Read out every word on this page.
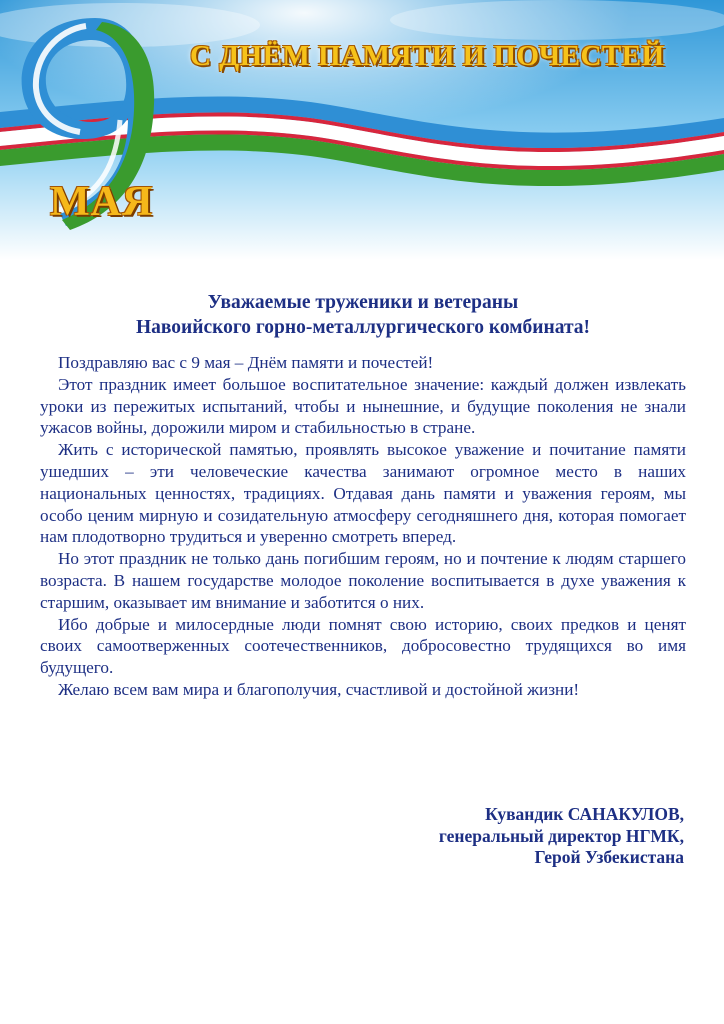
С ДНЁМ ПАМЯТИ И ПОЧЕСТЕЙ
МАЯ
Уважаемые труженики и ветераны
Навоийского горно-металлургического комбината!

Поздравляю вас с 9 мая – Днём памяти и почестей!

Этот праздник имеет большое воспитательное значение: каждый должен извлекать уроки из пережитых испытаний, чтобы и нынешние, и будущие поколения не знали ужасов войны, дорожили миром и стабильностью в стране.

Жить с исторической памятью, проявлять высокое уважение и почитание памяти ушедших – эти человеческие качества занимают огромное место в наших национальных ценностях, традициях. Отдавая дань памяти и уважения героям, мы особо ценим мирную и созидательную атмосферу сегодняшнего дня, которая помогает нам плодотворно трудиться и уверенно смотреть вперед.

Но этот праздник не только дань погибшим героям, но и почтение к людям старшего возраста. В нашем государстве молодое поколение воспитывается в духе уважения к старшим, оказывает им внимание и заботится о них.

Ибо добрые и милосердные люди помнят свою историю, своих предков и ценят своих самоотверженных соотечественников, добросовестно трудящихся во имя будущего.

Желаю всем вам мира и благополучия, счастливой и достойной жизни!

Кувандик САНАКУЛОВ,
генеральный директор НГМК,
Герой Узбекистана
